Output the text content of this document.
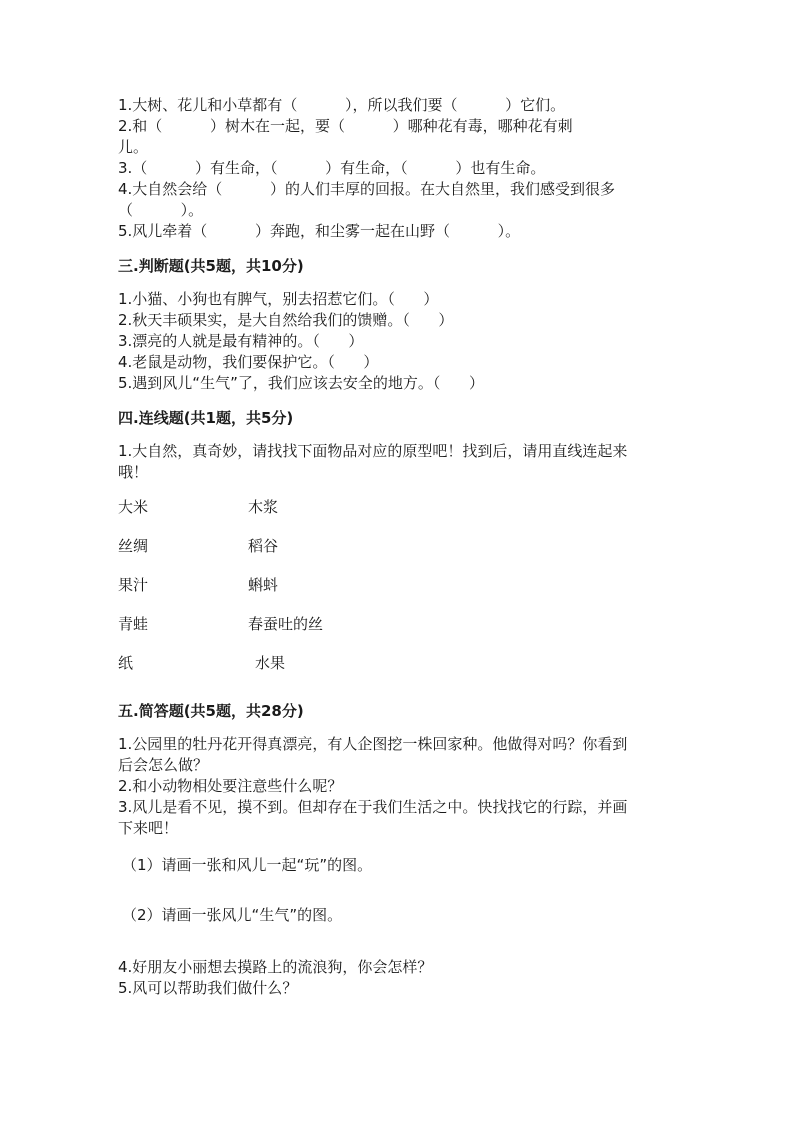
1.大树、花儿和小草都有（          ），所以我们要（          ）它们。

2.和（          ）树木在一起，要（          ）哪种花有毒，哪种花有刺

儿。

3.（          ）有生命，（          ）有生命，（          ）也有生命。

4.大自然会给（          ）的人们丰厚的回报。在大自然里，我们感受到很多

（          ）。

5.风儿牵着（          ）奔跑，和尘雾一起在山野（          ）。

三.判断题(共5题，共10分)

1.小猫、小狗也有脾气，别去招惹它们。（      ）

2.秋天丰硕果实，是大自然给我们的馈赠。（      ）

3.漂亮的人就是最有精神的。（      ）

4.老鼠是动物，我们要保护它。（      ）

5.遇到风儿“生气”了，我们应该去安全的地方。（      ）

四.连线题(共1题，共5分)

1.大自然，真奇妙，请找找下面物品对应的原型吧！找到后，请用直线连起来

哦！

大米	木浆
丝绸	稻谷
果汁	蝌蚪
青蛙	春蚕吐的丝
纸	水果

五.简答题(共5题，共28分)

1.公园里的牡丹花开得真漂亮，有人企图挖一株回家种。他做得对吗？你看到

后会怎么做？

2.和小动物相处要注意些什么呢？

3.风儿是看不见，摸不到。但却存在于我们生活之中。快找找它的行踪，并画

下来吧！

（1）请画一张和风儿一起“玩”的图。

（2）请画一张风儿“生气”的图。

4.好朋友小丽想去摸路上的流浪狗，你会怎样？

5.风可以帮助我们做什么？
